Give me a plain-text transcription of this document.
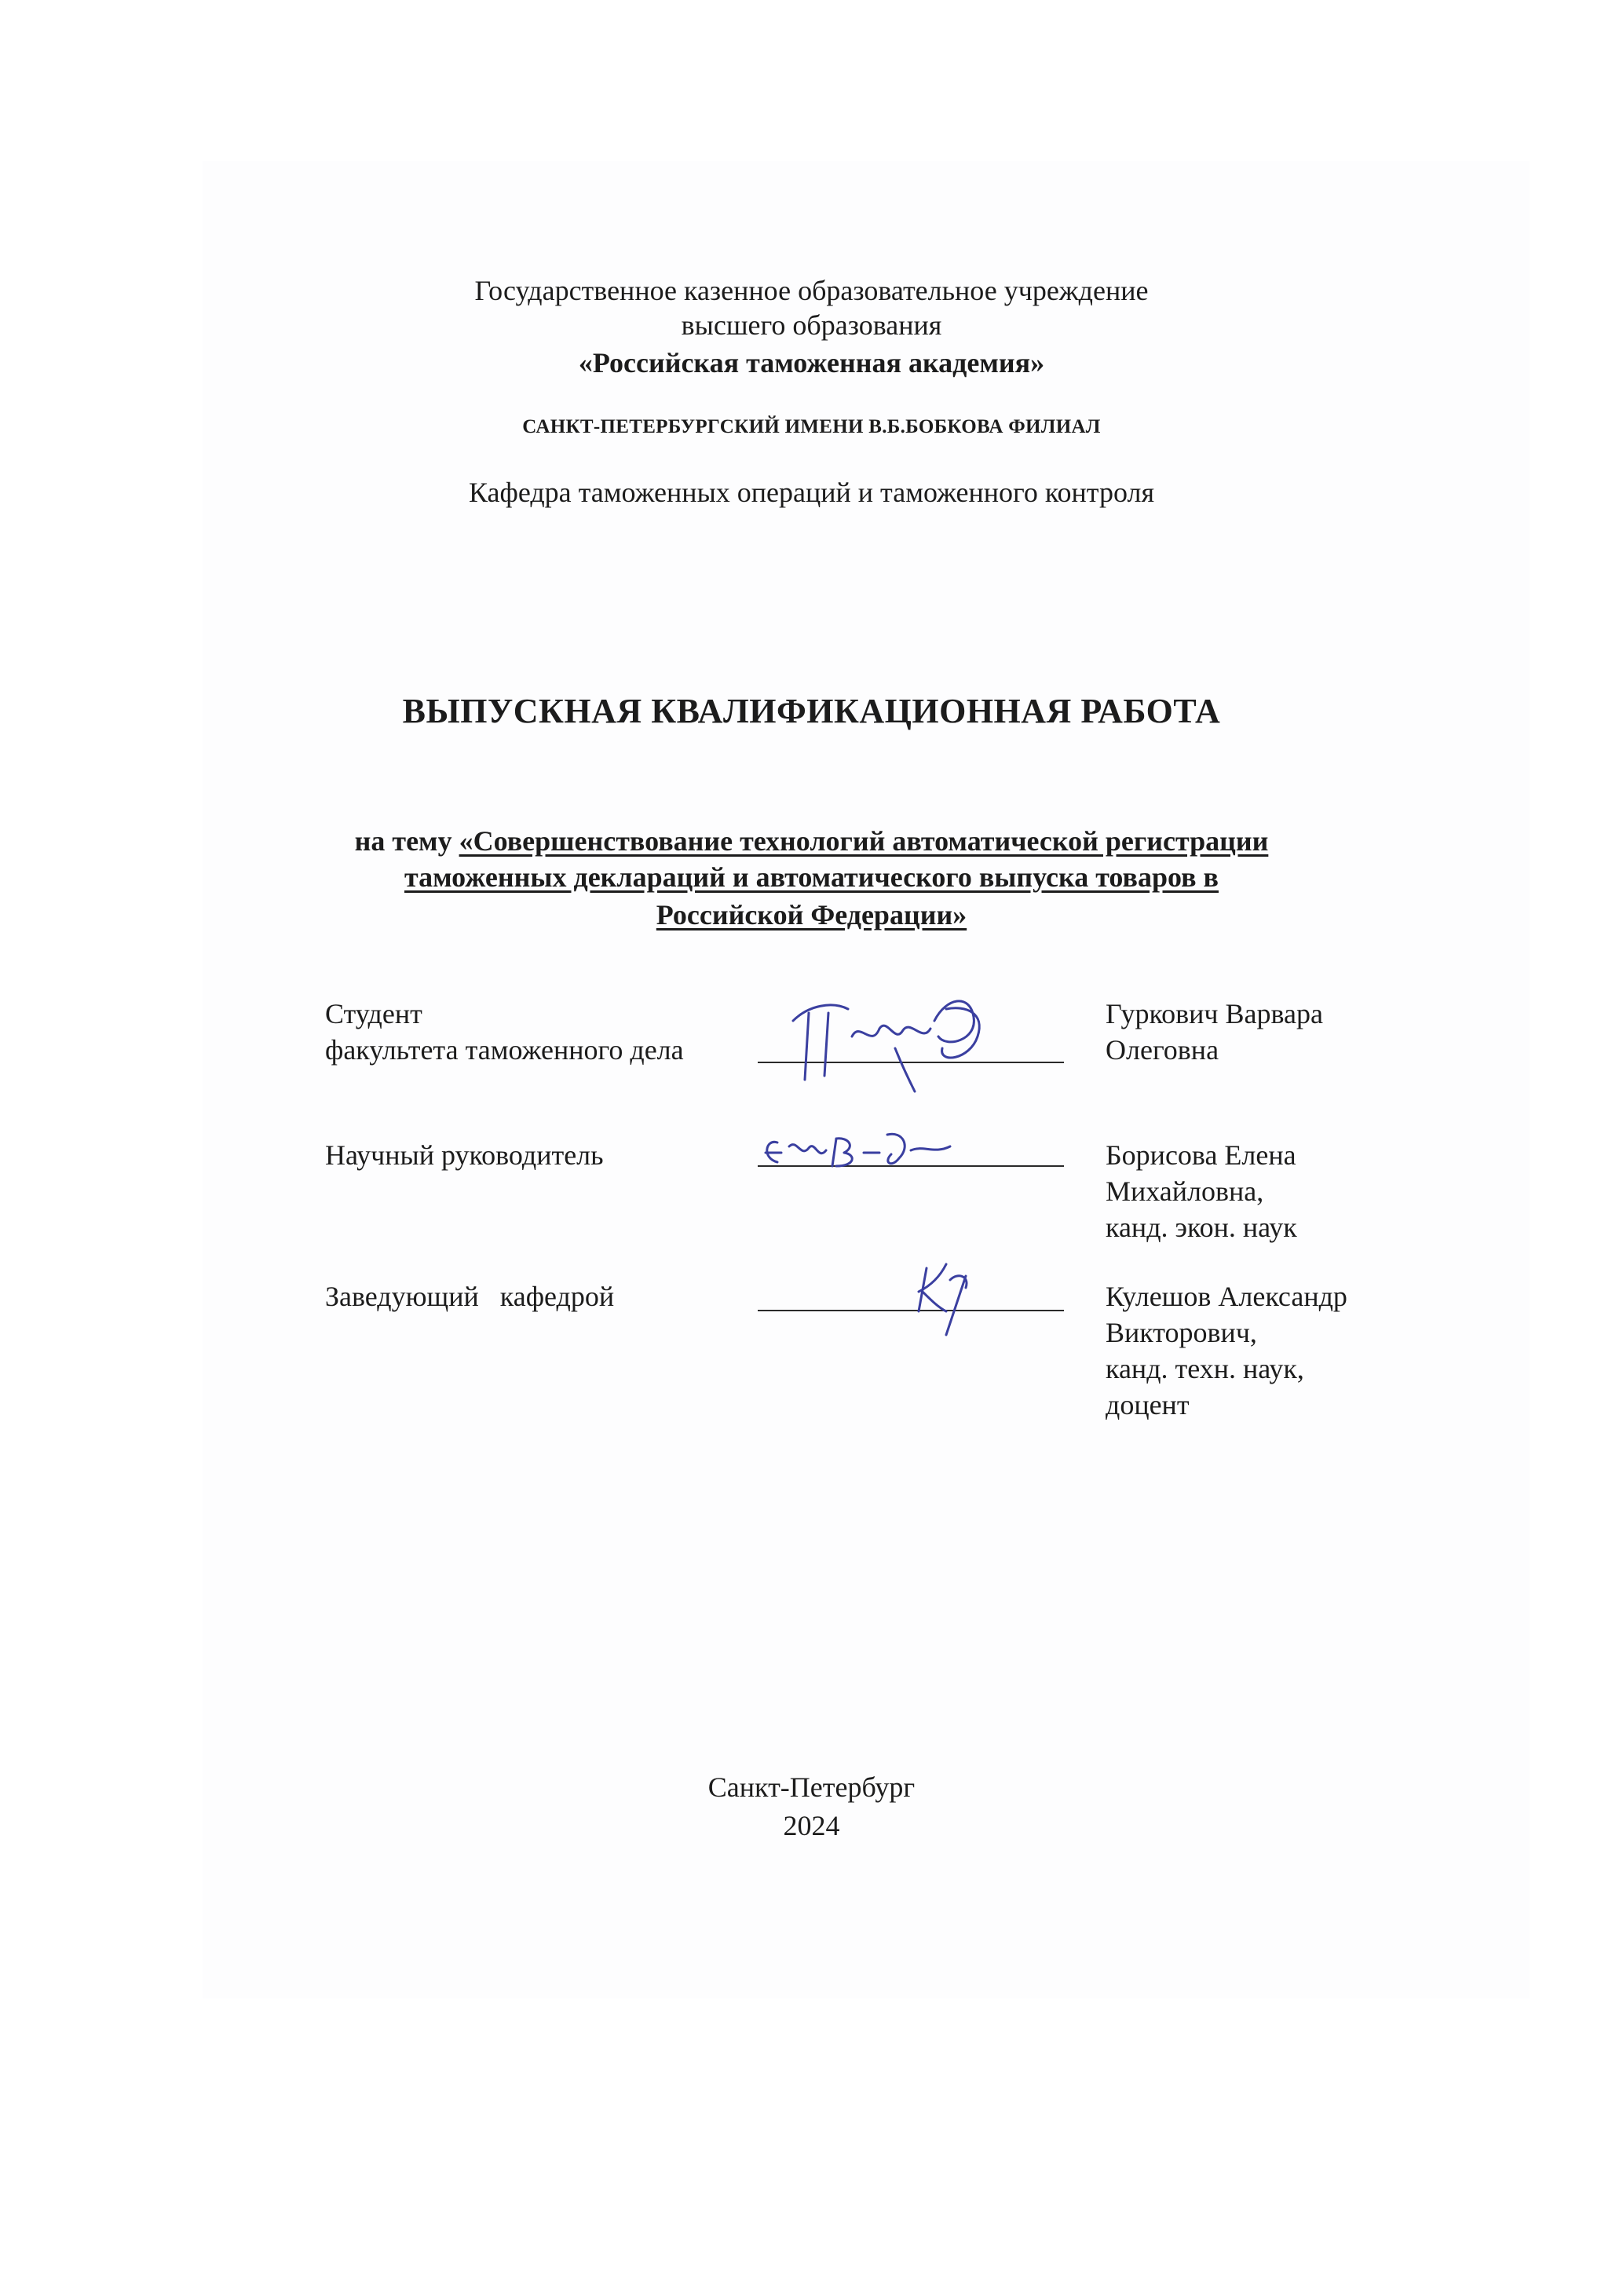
Государственное казенное образовательное учреждение
высшего образования
«Российская таможенная академия»
САНКТ-ПЕТЕРБУРГСКИЙ ИМЕНИ В.Б.БОБКОВА ФИЛИАЛ
Кафедра таможенных операций и таможенного контроля
ВЫПУСКНАЯ КВАЛИФИКАЦИОННАЯ РАБОТА
на тему «Совершенствование технологий автоматической регистрации
таможенных деклараций и автоматического выпуска товаров в
Российской Федерации»
Студент
факультета таможенного дела
Гуркович Варвара
Олеговна
Научный руководитель	Борисова Елена
Михайловна,
канд. экон. наук
Заведующий   кафедрой	Кулешов Александр
Викторович,
канд. техн. наук,
доцент
Санкт-Петербург
2024
